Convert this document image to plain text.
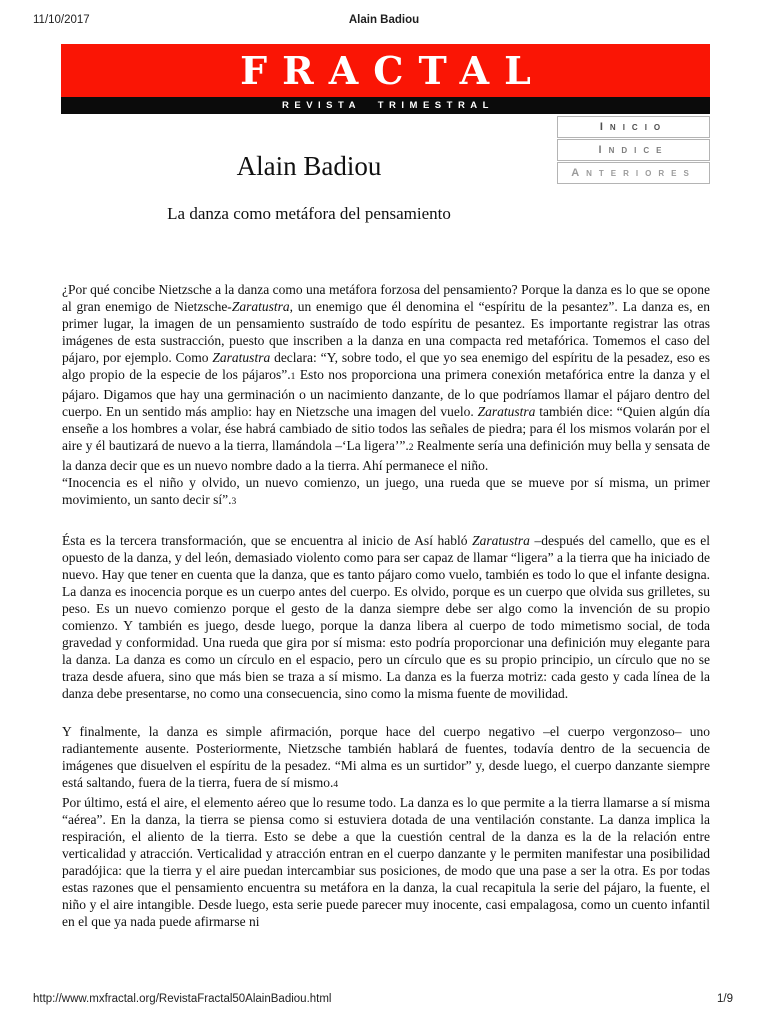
11/10/2017	Alain Badiou
FRACTAL
REVISTA TRIMESTRAL
Alain Badiou
La danza como metáfora del pensamiento
Inicio
Indice
Anteriores

¿Por qué concibe Nietzsche a la danza como una metáfora forzosa del pensamiento? Porque la danza es lo que se opone al gran enemigo de Nietzsche-Zaratustra, un enemigo que él denomina el “espíritu de la pesantez”. La danza es, en primer lugar, la imagen de un pensamiento sustraído de todo espíritu de pesantez. Es importante registrar las otras imágenes de esta sustracción, puesto que inscriben a la danza en una compacta red metafórica. Tomemos el caso del pájaro, por ejemplo. Como Zaratustra declara: “Y, sobre todo, el que yo sea enemigo del espíritu de la pesadez, eso es algo propio de la especie de los pájaros”.1 Esto nos proporciona una primera conexión metafórica entre la danza y el pájaro. Digamos que hay una germinación o un nacimiento danzante, de lo que podríamos llamar el pájaro dentro del cuerpo. En un sentido más amplio: hay en Nietzsche una imagen del vuelo. Zaratustra también dice: “Quien algún día enseñe a los hombres a volar, ése habrá cambiado de sitio todos las señales de piedra; para él los mismos volarán por el aire y él bautizará de nuevo a la tierra, llamándola –‘La ligera’”.2 Realmente sería una definición muy bella y sensata de la danza decir que es un nuevo nombre dado a la tierra. Ahí permanece el niño.
“Inocencia es el niño y olvido, un nuevo comienzo, un juego, una rueda que se mueve por sí misma, un primer movimiento, un santo decir sí”.3

Ésta es la tercera transformación, que se encuentra al inicio de Así habló Zaratustra –después del camello, que es el opuesto de la danza, y del león, demasiado violento como para ser capaz de llamar “ligera” a la tierra que ha iniciado de nuevo. Hay que tener en cuenta que la danza, que es tanto pájaro como vuelo, también es todo lo que el infante designa. La danza es inocencia porque es un cuerpo antes del cuerpo. Es olvido, porque es un cuerpo que olvida sus grilletes, su peso. Es un nuevo comienzo porque el gesto de la danza siempre debe ser algo como la invención de su propio comienzo. Y también es juego, desde luego, porque la danza libera al cuerpo de todo mimetismo social, de toda gravedad y conformidad. Una rueda que gira por sí misma: esto podría proporcionar una definición muy elegante para la danza. La danza es como un círculo en el espacio, pero un círculo que es su propio principio, un círculo que no se traza desde afuera, sino que más bien se traza a sí mismo. La danza es la fuerza motriz: cada gesto y cada línea de la danza debe presentarse, no como una consecuencia, sino como la misma fuente de movilidad.

Y finalmente, la danza es simple afirmación, porque hace del cuerpo negativo –el cuerpo vergonzoso– uno radiantemente ausente. Posteriormente, Nietzsche también hablará de fuentes, todavía dentro de la secuencia de imágenes que disuelven el espíritu de la pesadez. “Mi alma es un surtidor” y, desde luego, el cuerpo danzante siempre está saltando, fuera de la tierra, fuera de sí mismo.4
Por último, está el aire, el elemento aéreo que lo resume todo. La danza es lo que permite a la tierra llamarse a sí misma “aérea”. En la danza, la tierra se piensa como si estuviera dotada de una ventilación constante. La danza implica la respiración, el aliento de la tierra. Esto se debe a que la cuestión central de la danza es la de la relación entre verticalidad y atracción. Verticalidad y atracción entran en el cuerpo danzante y le permiten manifestar una posibilidad paradójica: que la tierra y el aire puedan intercambiar sus posiciones, de modo que una pase a ser la otra. Es por todas estas razones que el pensamiento encuentra su metáfora en la danza, la cual recapitula la serie del pájaro, la fuente, el niño y el aire intangible. Desde luego, esta serie puede parecer muy inocente, casi empalagosa, como un cuento infantil en el que ya nada puede afirmarse ni

http://www.mxfractal.org/RevistaFractal50AlainBadiou.html	1/9
